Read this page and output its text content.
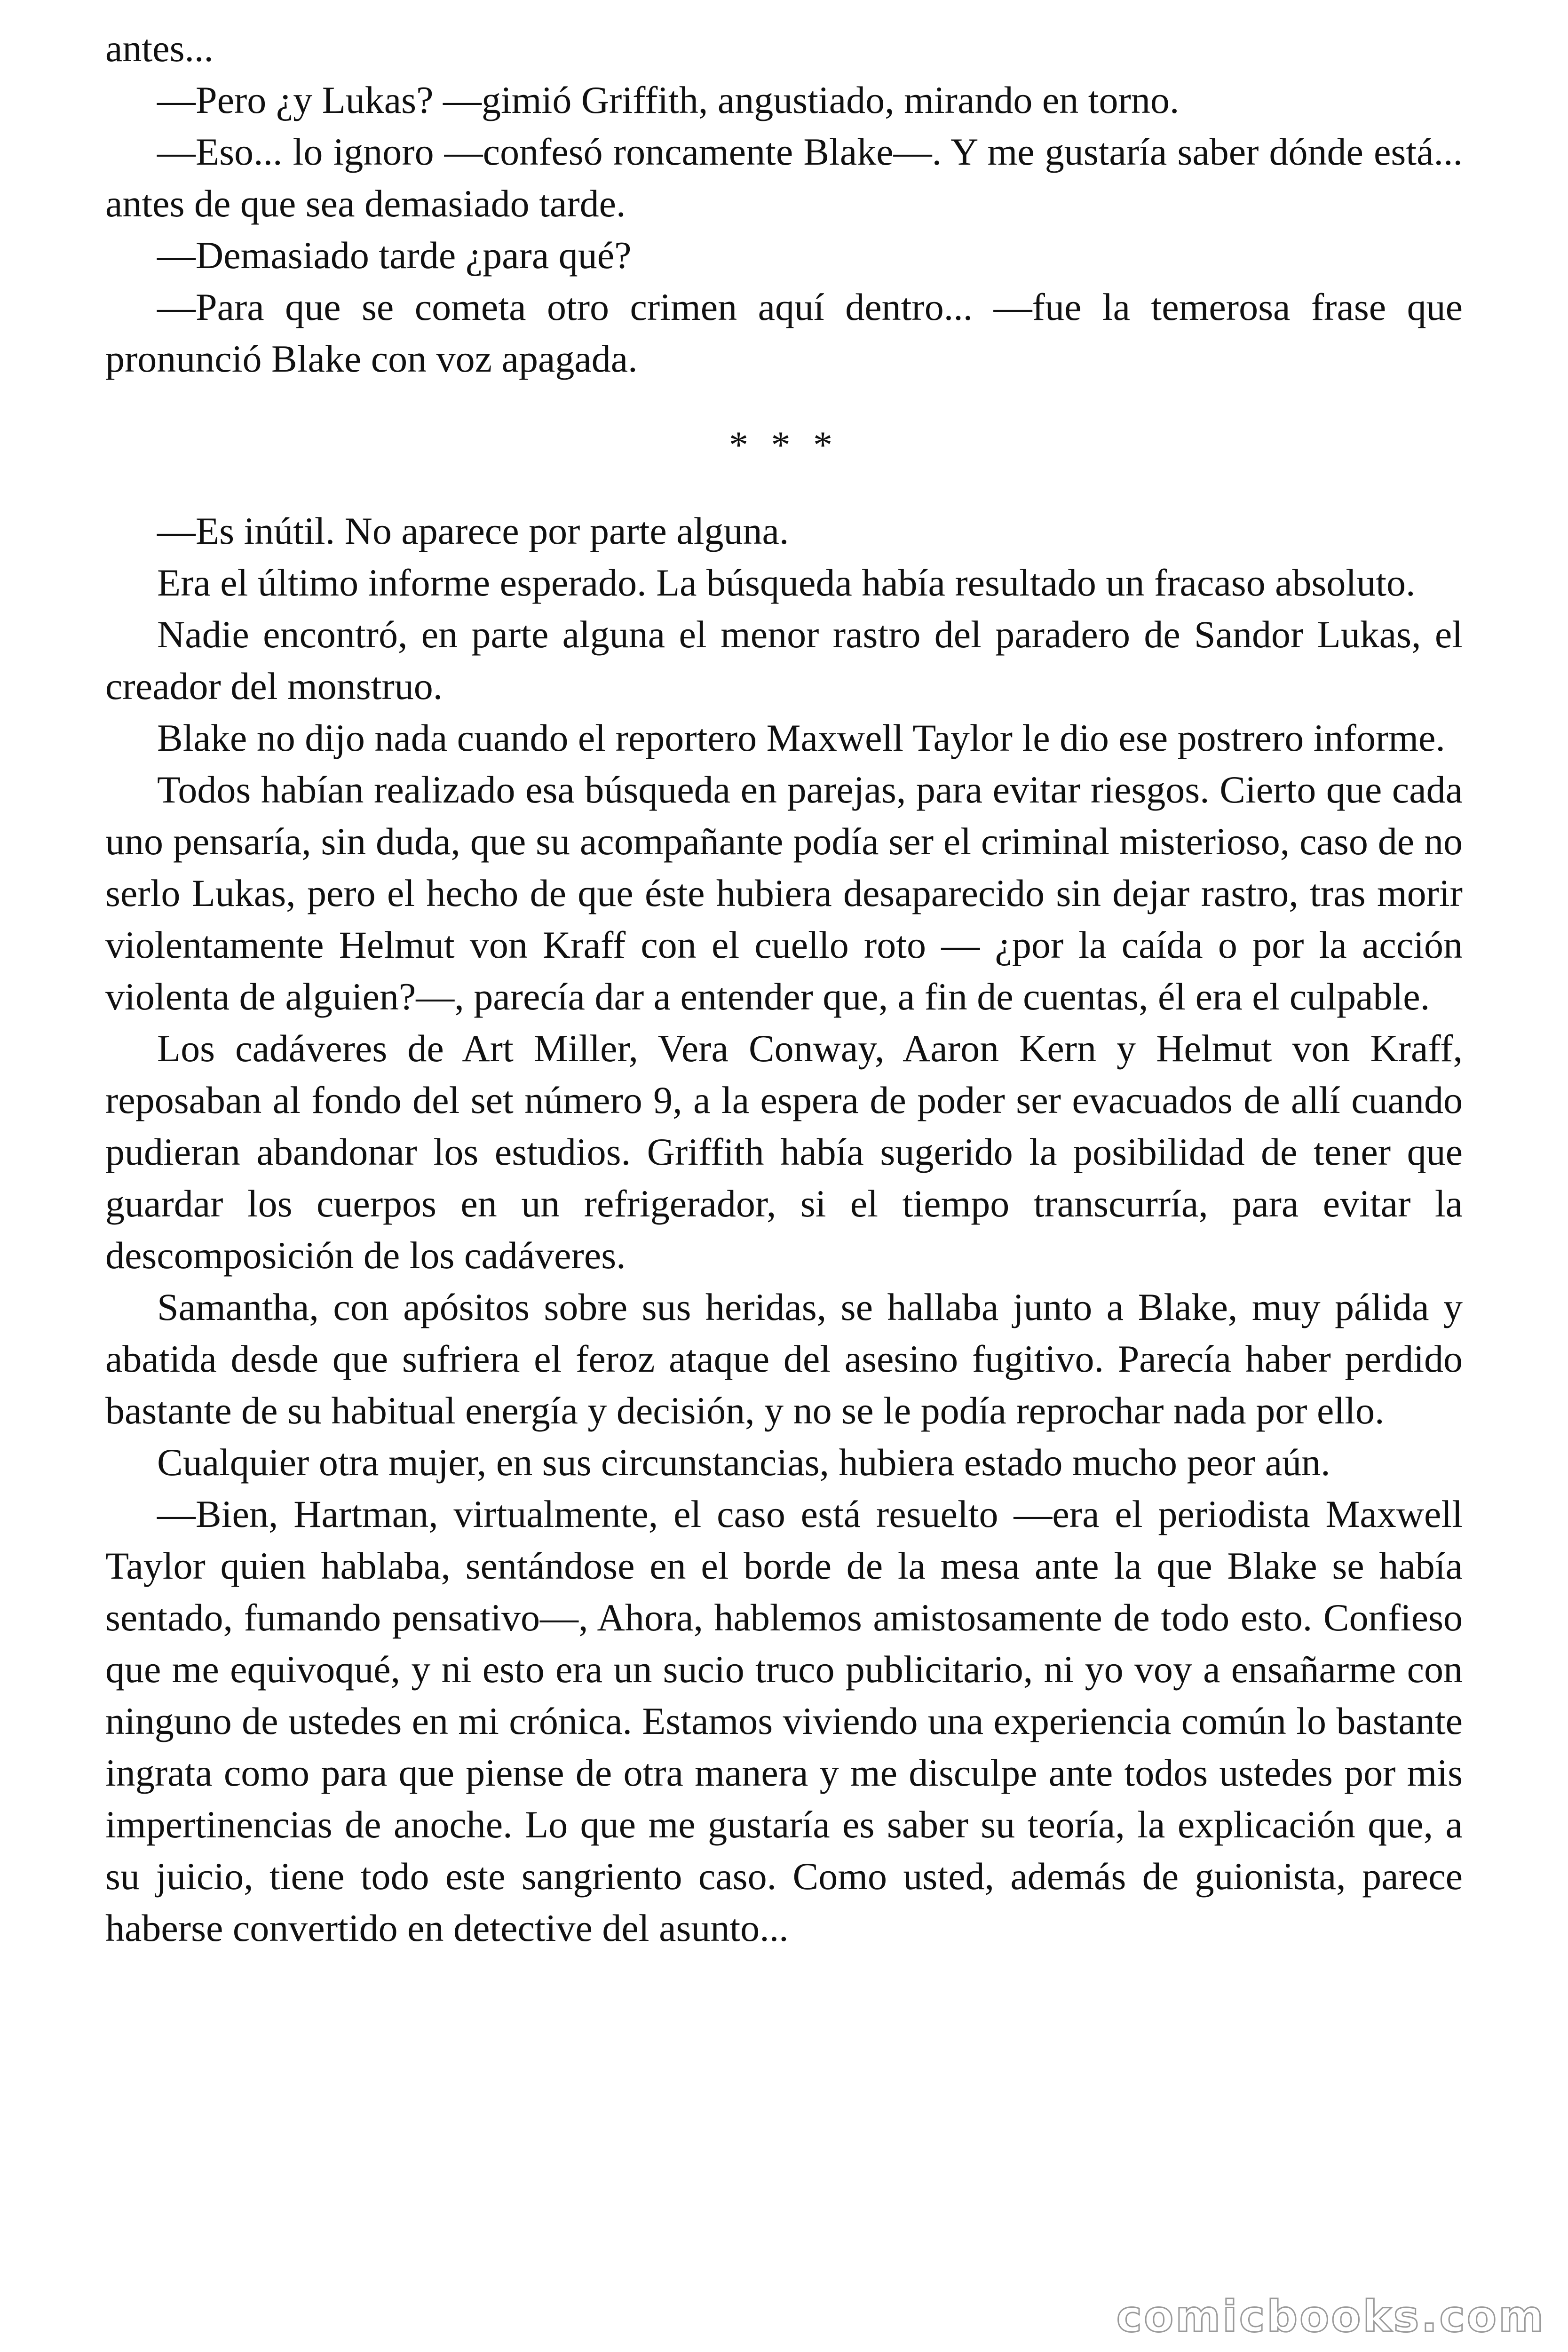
antes...

—Pero ¿y Lukas? —gimió Griffith, angustiado, mirando en torno.

—Eso... lo ignoro —confesó roncamente Blake—. Y me gustaría saber dónde está... antes de que sea demasiado tarde.

—Demasiado tarde ¿para qué?

—Para que se cometa otro crimen aquí dentro... —fue la temerosa frase que pronunció Blake con voz apagada.

* * *

—Es inútil. No aparece por parte alguna.

Era el último informe esperado. La búsqueda había resultado un fracaso absoluto.

Nadie encontró, en parte alguna el menor rastro del paradero de Sandor Lukas, el creador del monstruo.

Blake no dijo nada cuando el reportero Maxwell Taylor le dio ese postrero informe.

Todos habían realizado esa búsqueda en parejas, para evitar riesgos. Cierto que cada uno pensaría, sin duda, que su acompañante podía ser el criminal misterioso, caso de no serlo Lukas, pero el hecho de que éste hubiera desaparecido sin dejar rastro, tras morir violentamente Helmut von Kraff con el cuello roto — ¿por la caída o por la acción violenta de alguien?—, parecía dar a entender que, a fin de cuentas, él era el culpable.

Los cadáveres de Art Miller, Vera Conway, Aaron Kern y Helmut von Kraff, reposaban al fondo del set número 9, a la espera de poder ser evacuados de allí cuando pudieran abandonar los estudios. Griffith había sugerido la posibilidad de tener que guardar los cuerpos en un refrigerador, si el tiempo transcurría, para evitar la descomposición de los cadáveres.

Samantha, con apósitos sobre sus heridas, se hallaba junto a Blake, muy pálida y abatida desde que sufriera el feroz ataque del asesino fugitivo. Parecía haber perdido bastante de su habitual energía y decisión, y no se le podía reprochar nada por ello.

Cualquier otra mujer, en sus circunstancias, hubiera estado mucho peor aún.

—Bien, Hartman, virtualmente, el caso está resuelto —era el periodista Maxwell Taylor quien hablaba, sentándose en el borde de la mesa ante la que Blake se había sentado, fumando pensativo—, Ahora, hablemos amistosamente de todo esto. Confieso que me equivoqué, y ni esto era un sucio truco publicitario, ni yo voy a ensañarme con ninguno de ustedes en mi crónica. Estamos viviendo una experiencia común lo bastante ingrata como para que piense de otra manera y me disculpe ante todos ustedes por mis impertinencias de anoche. Lo que me gustaría es saber su teoría, la explicación que, a su juicio, tiene todo este sangriento caso. Como usted, además de guionista, parece haberse convertido en detective del asunto...

comicbooks.com
